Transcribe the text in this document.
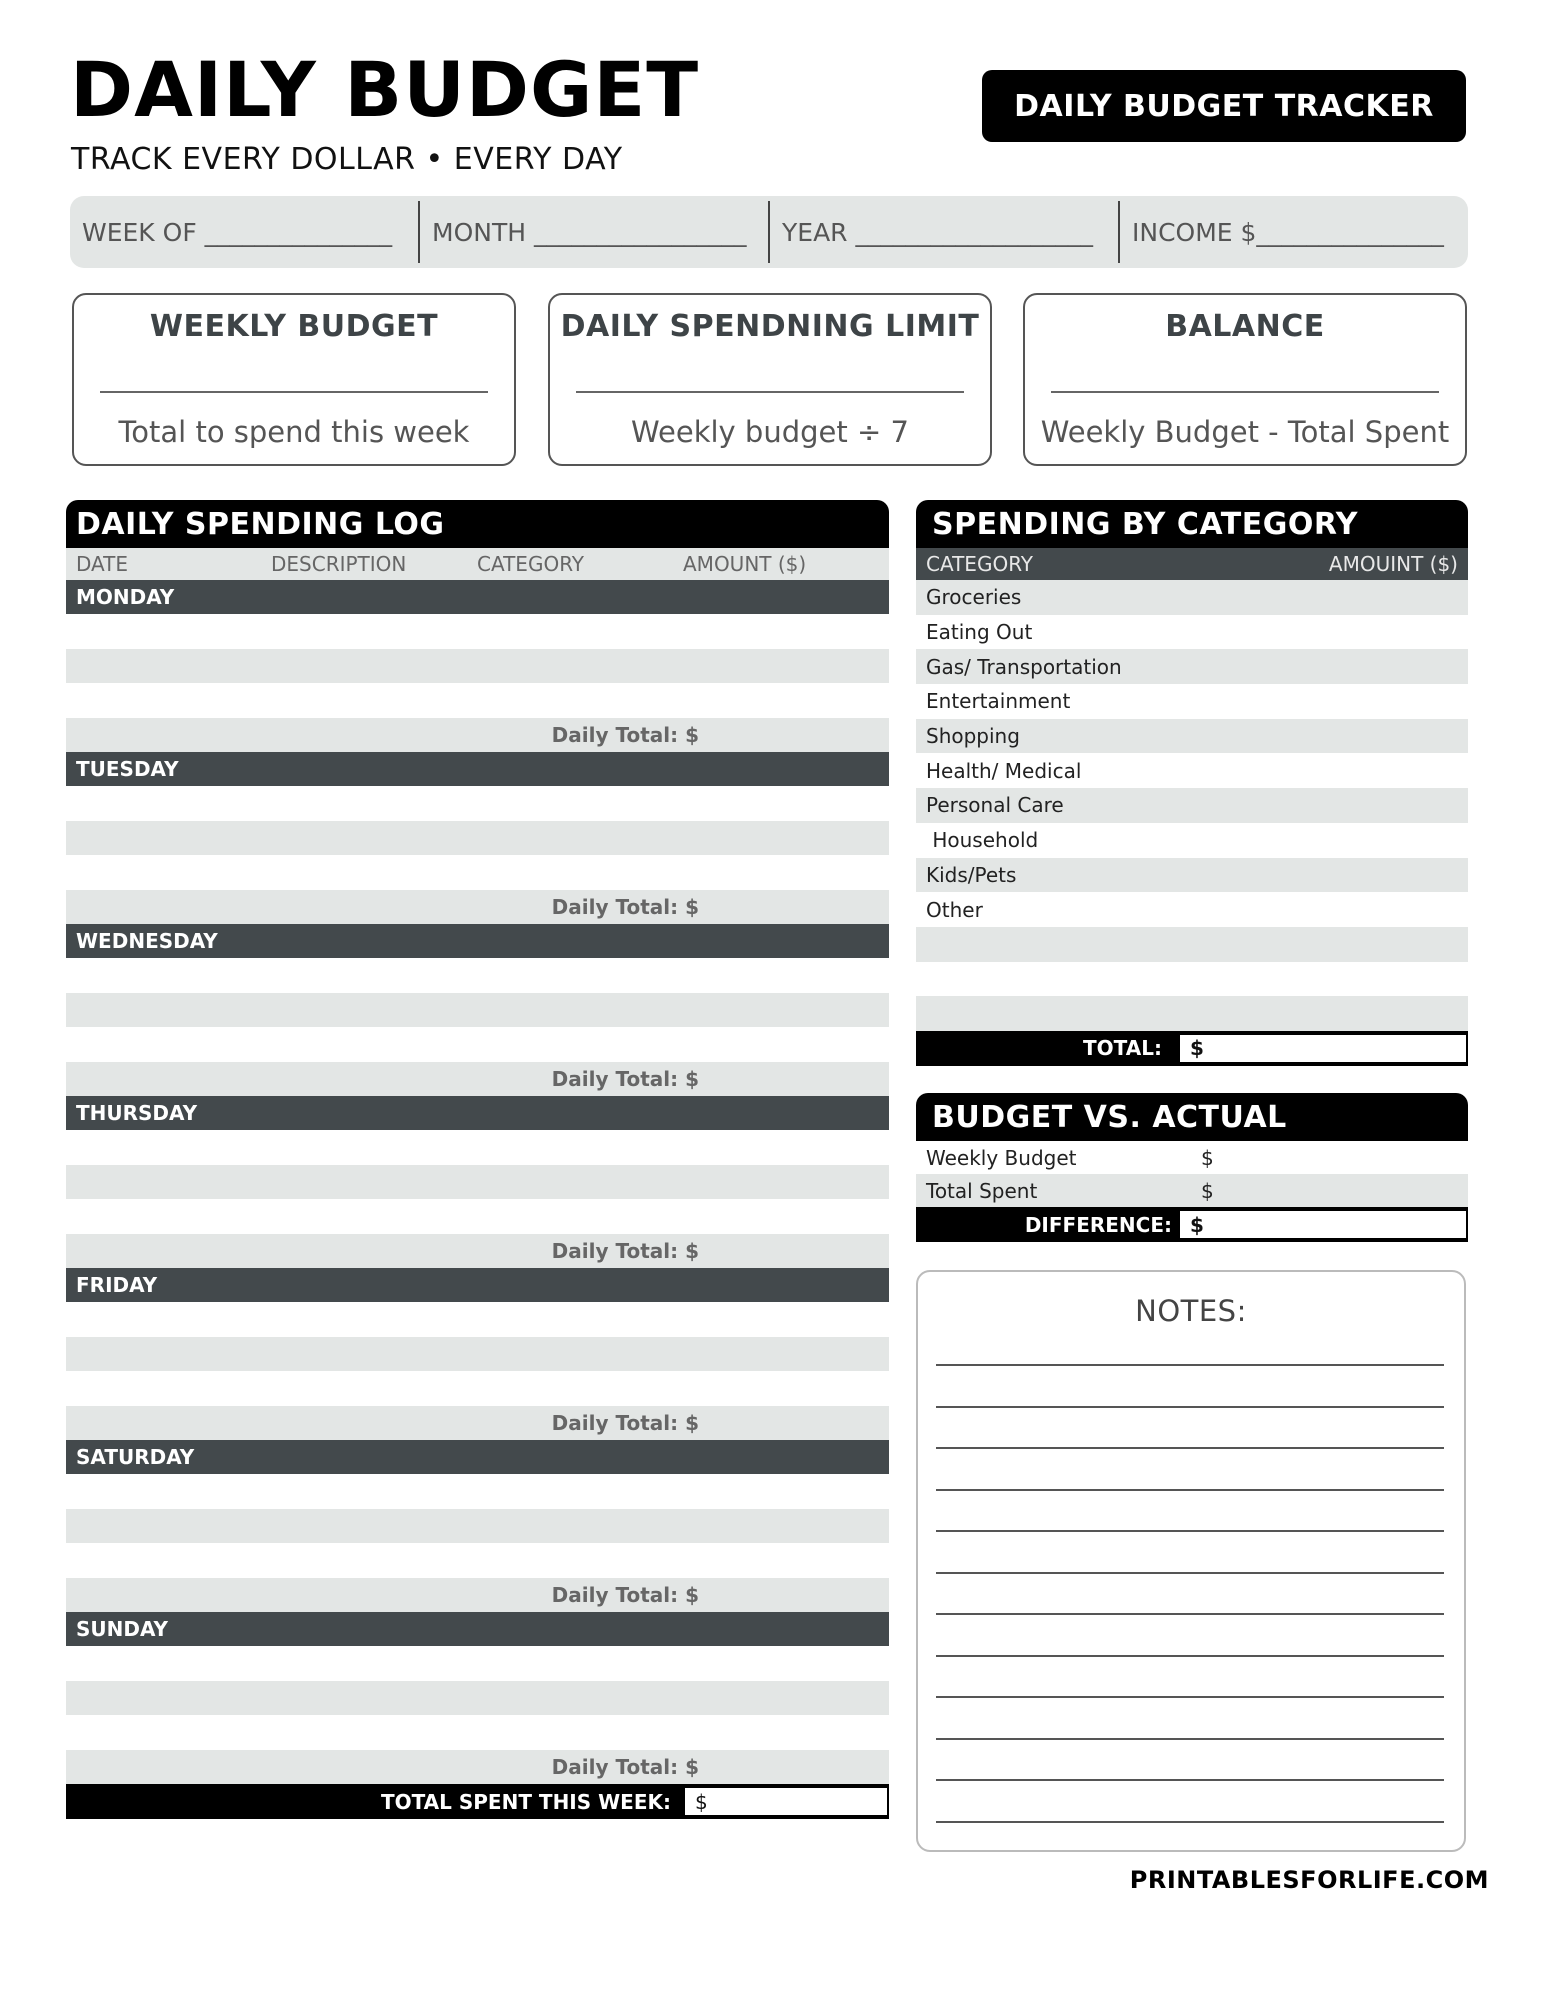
DAILY BUDGET
TRACK EVERY DOLLAR • EVERY DAY
DAILY BUDGET TRACKER
WEEK OF _______________	MONTH _________________	YEAR ___________________	INCOME $_______________
WEEKLY BUDGET
Total to spend this week
DAILY SPENDNING LIMIT
Weekly budget ÷ 7
BALANCE
Weekly Budget - Total Spent
DAILY SPENDING LOG
DATE	DESCRIPTION	CATEGORY	AMOUNT ($)
MONDAY
Daily Total: $
TUESDAY
Daily Total: $
WEDNESDAY
Daily Total: $
THURSDAY
Daily Total: $
FRIDAY
Daily Total: $
SATURDAY
Daily Total: $
SUNDAY
Daily Total: $
TOTAL SPENT THIS WEEK:	$
SPENDING BY CATEGORY
CATEGORY	AMOUINT ($)
Groceries
Eating Out
Gas/ Transportation
Entertainment
Shopping
Health/ Medical
Personal Care
Household
Kids/Pets
Other
TOTAL:	$
BUDGET VS. ACTUAL
Weekly Budget	$
Total Spent	$
DIFFERENCE: $
NOTES:
PRINTABLESFORLIFE.COM
